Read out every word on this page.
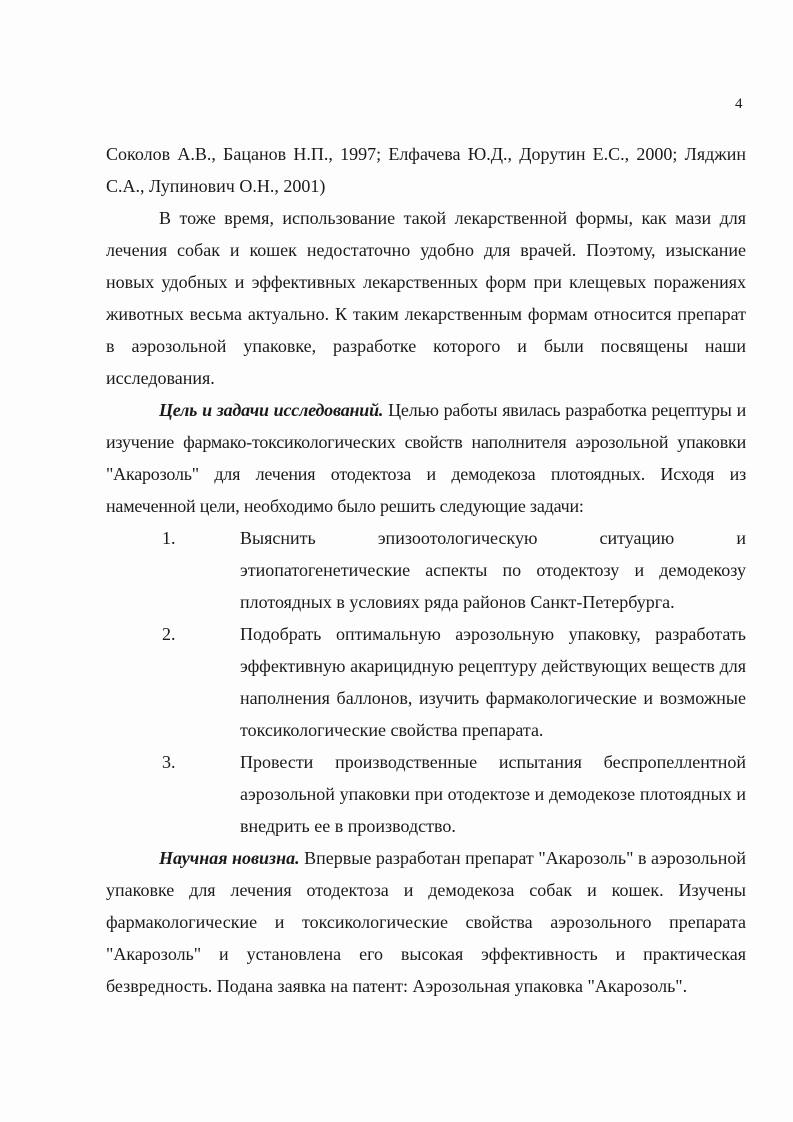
4

Соколов А.В., Бацанов Н.П., 1997; Елфачева Ю.Д., Дорутин Е.С., 2000; Ляджин С.А., Лупинович О.Н., 2001)

В тоже время, использование такой лекарственной формы, как мази для лечения собак и кошек недостаточно удобно для врачей. Поэтому, изыскание новых удобных и эффективных лекарственных форм при клещевых поражениях животных весьма актуально. К таким лекарственным формам относится препарат в аэрозольной упаковке, разработке которого и были посвящены наши исследования.

Цель и задачи исследований. Целью работы явилась разработка рецептуры и изучение фармако-токсикологических свойств наполнителя аэрозольной упаковки "Акарозоль" для лечения отодектоза и демодекоза плотоядных. Исходя из намеченной цели, необходимо было решить следующие задачи:

1.	Выяснить эпизоотологическую ситуацию и этиопатогенетические аспекты по отодектозу и демодекозу плотоядных в условиях ряда районов Санкт-Петербурга.
2.	Подобрать оптимальную аэрозольную упаковку, разработать эффективную акарицидную рецептуру действующих веществ для наполнения баллонов, изучить фармакологические и возможные токсикологические свойства препарата.
3.	Провести производственные испытания беспропеллентной аэрозольной упаковки при отодектозе и демодекозе плотоядных и внедрить ее в производство.

Научная новизна. Впервые разработан препарат "Акарозоль" в аэрозольной упаковке для лечения отодектоза и демодекоза собак и кошек. Изучены фармакологические и токсикологические свойства аэрозольного препарата "Акарозоль" и установлена его высокая эффективность и практическая безвредность. Подана заявка на патент: Аэрозольная упаковка "Акарозоль".
